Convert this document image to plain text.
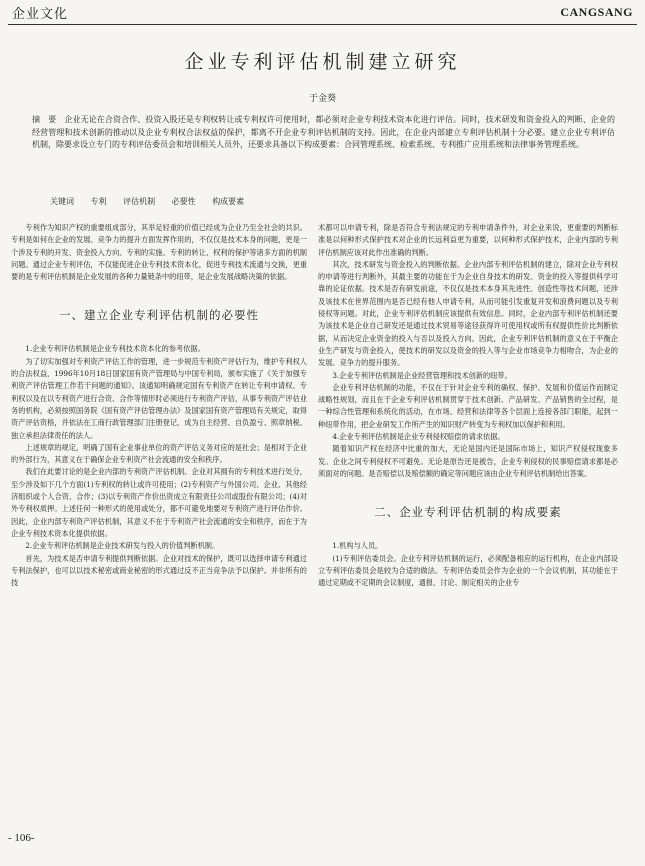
企业文化	CANGSANG
企业专利评估机制建立研究
于金葵
摘　要　企业无论在合资合作、投资入股还是专利权转让或专利权许可使用时，都必须对企业专利技术资本化进行评估。同时，技术研发和资金投入的判断、企业的经营管理和技术创新的推动以及企业专利权合法权益的保护，都离不开企业专利评估机制的支持。因此，在企业内部建立专利评估机制十分必要。建立企业专利评估机制，除要求设立专门的专利评估委员会和培训相关人员外，还要求具备以下构成要素：合同管理系统、检索系统、专利推广应用系统和法律事务管理系统。
关键词 专利 评估机制 必要性 构成要素

专利作为知识产权的重要组成部分，其举足轻重的价值已经成为企业乃至全社会的共识。专利是如何在企业的发展、竞争力的提升方面发挥作用的，不仅仅是技术本身的问题，更是一个涉及专利的开发、资金投入方向、专利的实施、专利的转让、权利的保护等诸多方面的机制问题。通过企业专利评估，不仅能促进企业专利技术资本化，促进专利技术流通与交换，更重要的是专利评估机制是企业发展的各种力量链条中的纽带，是企业发展战略决策的依据。

一、建立企业专利评估机制的必要性

1.企业专利评估机制是企业专利技术资本化的参考依据。

为了切实加强对专利资产评估工作的管理，进一步规范专利资产评估行为，维护专利权人的合法权益，1996年10月18日国家国有资产管理局与中国专利局，颁布实施了《关于加强专利资产评估管理工作若干问题的通知》。该通知明确规定国有专利资产在转让专利申请权、专利权以及在以专利资产进行合资、合作等情形时必须进行专利资产评估，从事专利资产评估业务的机构，必须按照国务院《国有资产评估管理办法》及国家国有资产管理局有关规定，取得资产评估资格，并依法在工商行政管理部门注册登记，成为自主经营、自负盈亏、照章纳税、独立承担法律责任的法人。

上述规章的规定，明确了国有企业事业单位的资产评估义务对应的是社会；是相对于企业的外部行为，其意义在于确保企业专利资产社会流通的安全和秩序。

我们在此要讨论的是企业内部的专利资产评估机制。企业对其拥有的专利技术进行处分，至少涉及如下几个方面(1)专利权的转让或许可使用；(2)专利资产与外国公司、企业、其他经济组织或个人合资、合作；(3)以专利资产作价出资成立有限责任公司或股份有限公司；(4)对外专利权质押。上述任何一种形式的使用或处分，都不可避免地要对专利资产进行评估作价。因此，企业内部专利资产评估机制，其意义不在于专利资产社会流通的安全和秩序，而在于为企业专利技术资本化提供依据。

2.企业专利评估机制是企业技术研发与投入的价值判断机制。

首先，为技术是否申请专利提供判断依据。企业对技术的保护，既可以选择申请专利通过专利法保护，也可以以技术秘密或商业秘密的形式通过反不正当竞争法予以保护。并非所有的技

术都可以申请专利，除是否符合专利法规定的专利申请条件外，对企业来说，更重要的判断标准是以何种形式保护技术对企业的长远利益更为重要，以何种形式保护技术，企业内部的专利评估机制应该对此作出准确的判断。

其次，技术研发与资金投入的判断依据。企业内部专利评估机制的建立，除对企业专利权的申请等进行判断外，其最主要的功能在于为企业自身技术的研发、资金的投入等提供科学可靠的论证依据。技术是否有研发前途，不仅仅是技术本身其先进性、创造性等技术问题，还涉及该技术在世界范围内是否已经有他人申请专利，从而可能引发重复开发和浪费问题以及专利侵权等问题。对此，企业专利评估机制应该提供有效信息。同时，企业内部专利评估机制还要为该技术是企业自己研发还是通过技术贸易等途径获得许可使用权或所有权提供性价比判断依据，从而决定企业资金的投入与否以及投入方向。因此，企业专利评估机制的意义在于平衡企业生产研发与资金投入，使技术的研发以及资金的投入等与企业市场竞争力相吻合，为企业的发展、竞争力的提升服务。

3.企业专利评估机制是企业经营管理和技术创新的纽带。

企业专利评估机制的功能，不仅在于针对企业专利的确权、保护、发展和价值运作而制定战略性规划，而且在于企业专利评估机制贯穿于技术创新、产品研发、产品销售的全过程，是一种综合性管理和系统化的活动，在市场、经营和法律等各个层面上连接各部门职能，起到一种纽带作用，把企业研发工作所产生的知识财产转变为专利权加以保护和利用。

4.企业专利评估机制是企业专利侵权赔偿的请求依据。

随着知识产权在经济中比重的加大，无论是国内还是国际市场上，知识产权侵权现象多发。企业之间专利侵权不可避免。无论是原告还是被告，企业专利侵权的民事赔偿请求都是必须面对的问题。是否赔偿以及赔偿额的确定等问题应该由企业专利评估机制给出答案。

二、企业专利评估机制的构成要素

1.机构与人员。

(1)专利评估委员会。企业专利评估机制的运行，必须配备相应的运行机构，在企业内部设立专利评估委员会是较为合适的做法。专利评估委员会作为企业的一个会议机制，其功能在于通过定期或不定期的会议制度，通报、讨论、制定相关的企业专

- 106-
